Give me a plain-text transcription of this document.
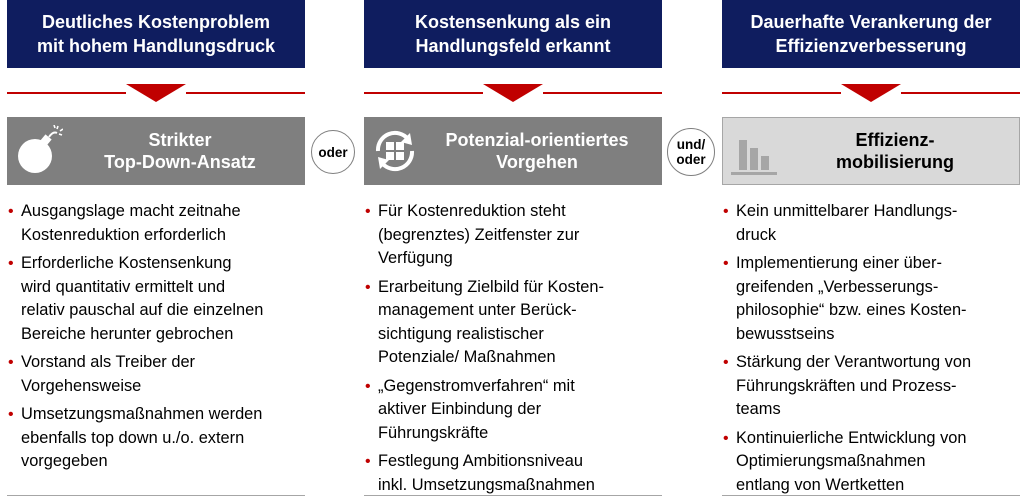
Deutliches Kostenproblem
mit hohem Handlungsdruck
Strikter
Top-Down-Ansatz
• Ausgangslage macht zeitnahe
Kostenreduktion erforderlich
• Erforderliche Kostensenkung
wird quantitativ ermittelt und
relativ pauschal auf die einzelnen
Bereiche herunter gebrochen
• Vorstand als Treiber der
Vorgehensweise
• Umsetzungsmaßnahmen werden
ebenfalls top down u./o. extern
vorgegeben
Kostensenkung als ein
Handlungsfeld erkannt
Potenzial-orientiertes
Vorgehen
• Für Kostenreduktion steht
(begrenztes) Zeitfenster zur
Verfügung
• Erarbeitung Zielbild für Kosten-
management unter Berück-
sichtigung realistischer
Potenziale/ Maßnahmen
• „Gegenstromverfahren“ mit
aktiver Einbindung der
Führungskräfte
• Festlegung Ambitionsniveau
inkl. Umsetzungsmaßnahmen
Dauerhafte Verankerung der
Effizienzverbesserung
Effizienz-
mobilisierung
• Kein unmittelbarer Handlungs-
druck
• Implementierung einer über-
greifenden „Verbesserungs-
philosophie“ bzw. eines Kosten-
bewusstseins
• Stärkung der Verantwortung von
Führungskräften und Prozess-
teams
• Kontinuierliche Entwicklung von
Optimierungsmaßnahmen
entlang von Wertketten
oder	und/
oder
